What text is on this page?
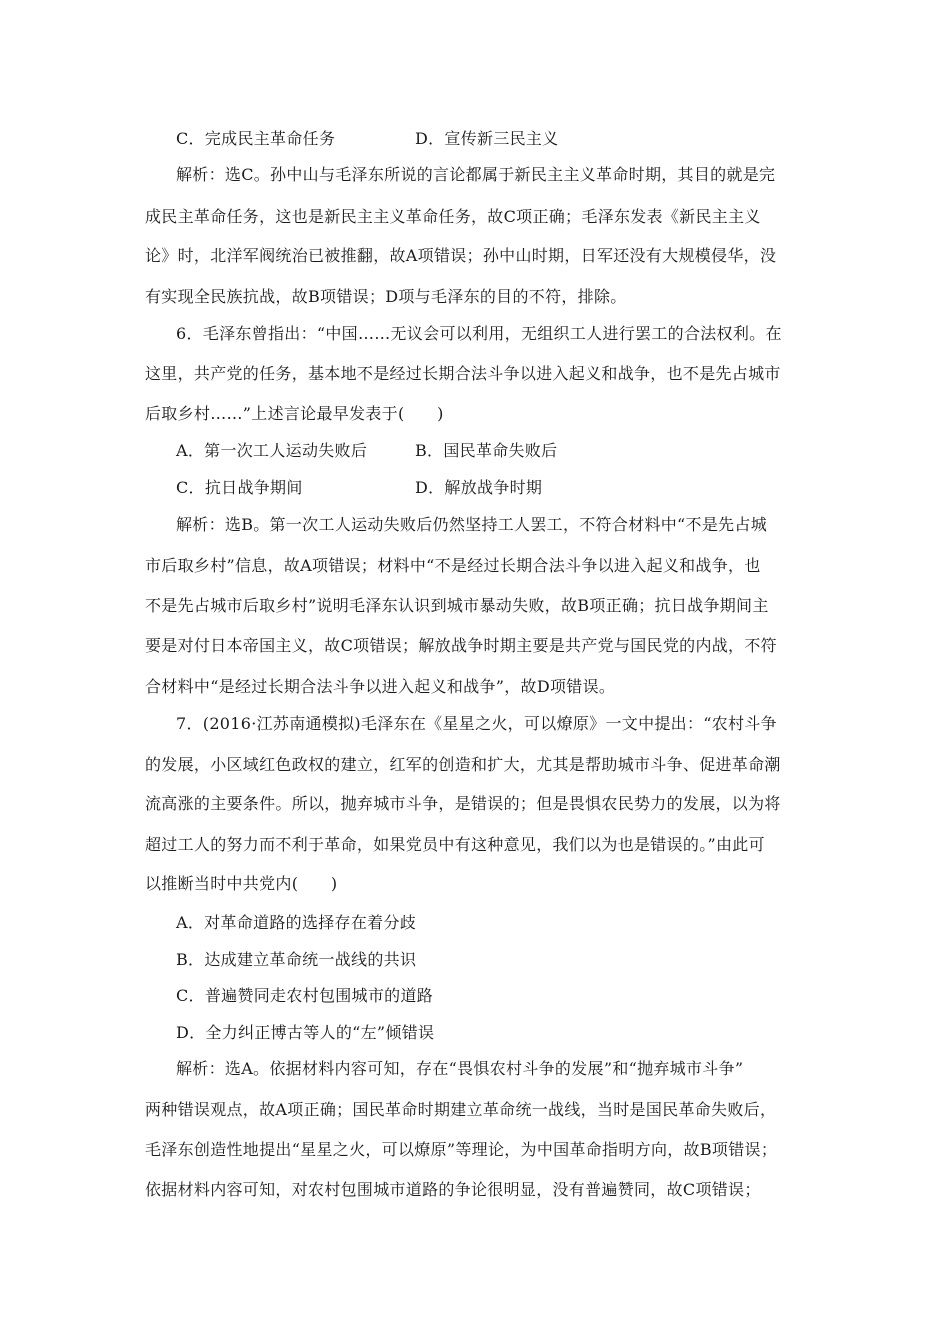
C．完成民主革命任务	D．宣传新三民主义
解析：选C。孙中山与毛泽东所说的言论都属于新民主主义革命时期，其目的就是完
成民主革命任务，这也是新民主主义革命任务，故C项正确；毛泽东发表《新民主主义
论》时，北洋军阀统治已被推翻，故A项错误；孙中山时期，日军还没有大规模侵华，没
有实现全民族抗战，故B项错误；D项与毛泽东的目的不符，排除。
6．毛泽东曾指出：“中国……无议会可以利用，无组织工人进行罢工的合法权利。在
这里，共产党的任务，基本地不是经过长期合法斗争以进入起义和战争，也不是先占城市
后取乡村……”上述言论最早发表于(　　)
A．第一次工人运动失败后	B．国民革命失败后
C．抗日战争期间	D．解放战争时期
解析：选B。第一次工人运动失败后仍然坚持工人罢工，不符合材料中“不是先占城
市后取乡村”信息，故A项错误；材料中“不是经过长期合法斗争以进入起义和战争，也
不是先占城市后取乡村”说明毛泽东认识到城市暴动失败，故B项正确；抗日战争期间主
要是对付日本帝国主义，故C项错误；解放战争时期主要是共产党与国民党的内战，不符
合材料中“是经过长期合法斗争以进入起义和战争”，故D项错误。
7．(2016·江苏南通模拟)毛泽东在《星星之火，可以燎原》一文中提出：“农村斗争
的发展，小区域红色政权的建立，红军的创造和扩大，尤其是帮助城市斗争、促进革命潮
流高涨的主要条件。所以，抛弃城市斗争，是错误的；但是畏惧农民势力的发展，以为将
超过工人的努力而不利于革命，如果党员中有这种意见，我们以为也是错误的。”由此可
以推断当时中共党内(　　)
A．对革命道路的选择存在着分歧
B．达成建立革命统一战线的共识
C．普遍赞同走农村包围城市的道路
D．全力纠正博古等人的“左”倾错误
解析：选A。依据材料内容可知，存在“畏惧农村斗争的发展”和“抛弃城市斗争”
两种错误观点，故A项正确；国民革命时期建立革命统一战线，当时是国民革命失败后，
毛泽东创造性地提出“星星之火，可以燎原”等理论，为中国革命指明方向，故B项错误；
依据材料内容可知，对农村包围城市道路的争论很明显，没有普遍赞同，故C项错误；
